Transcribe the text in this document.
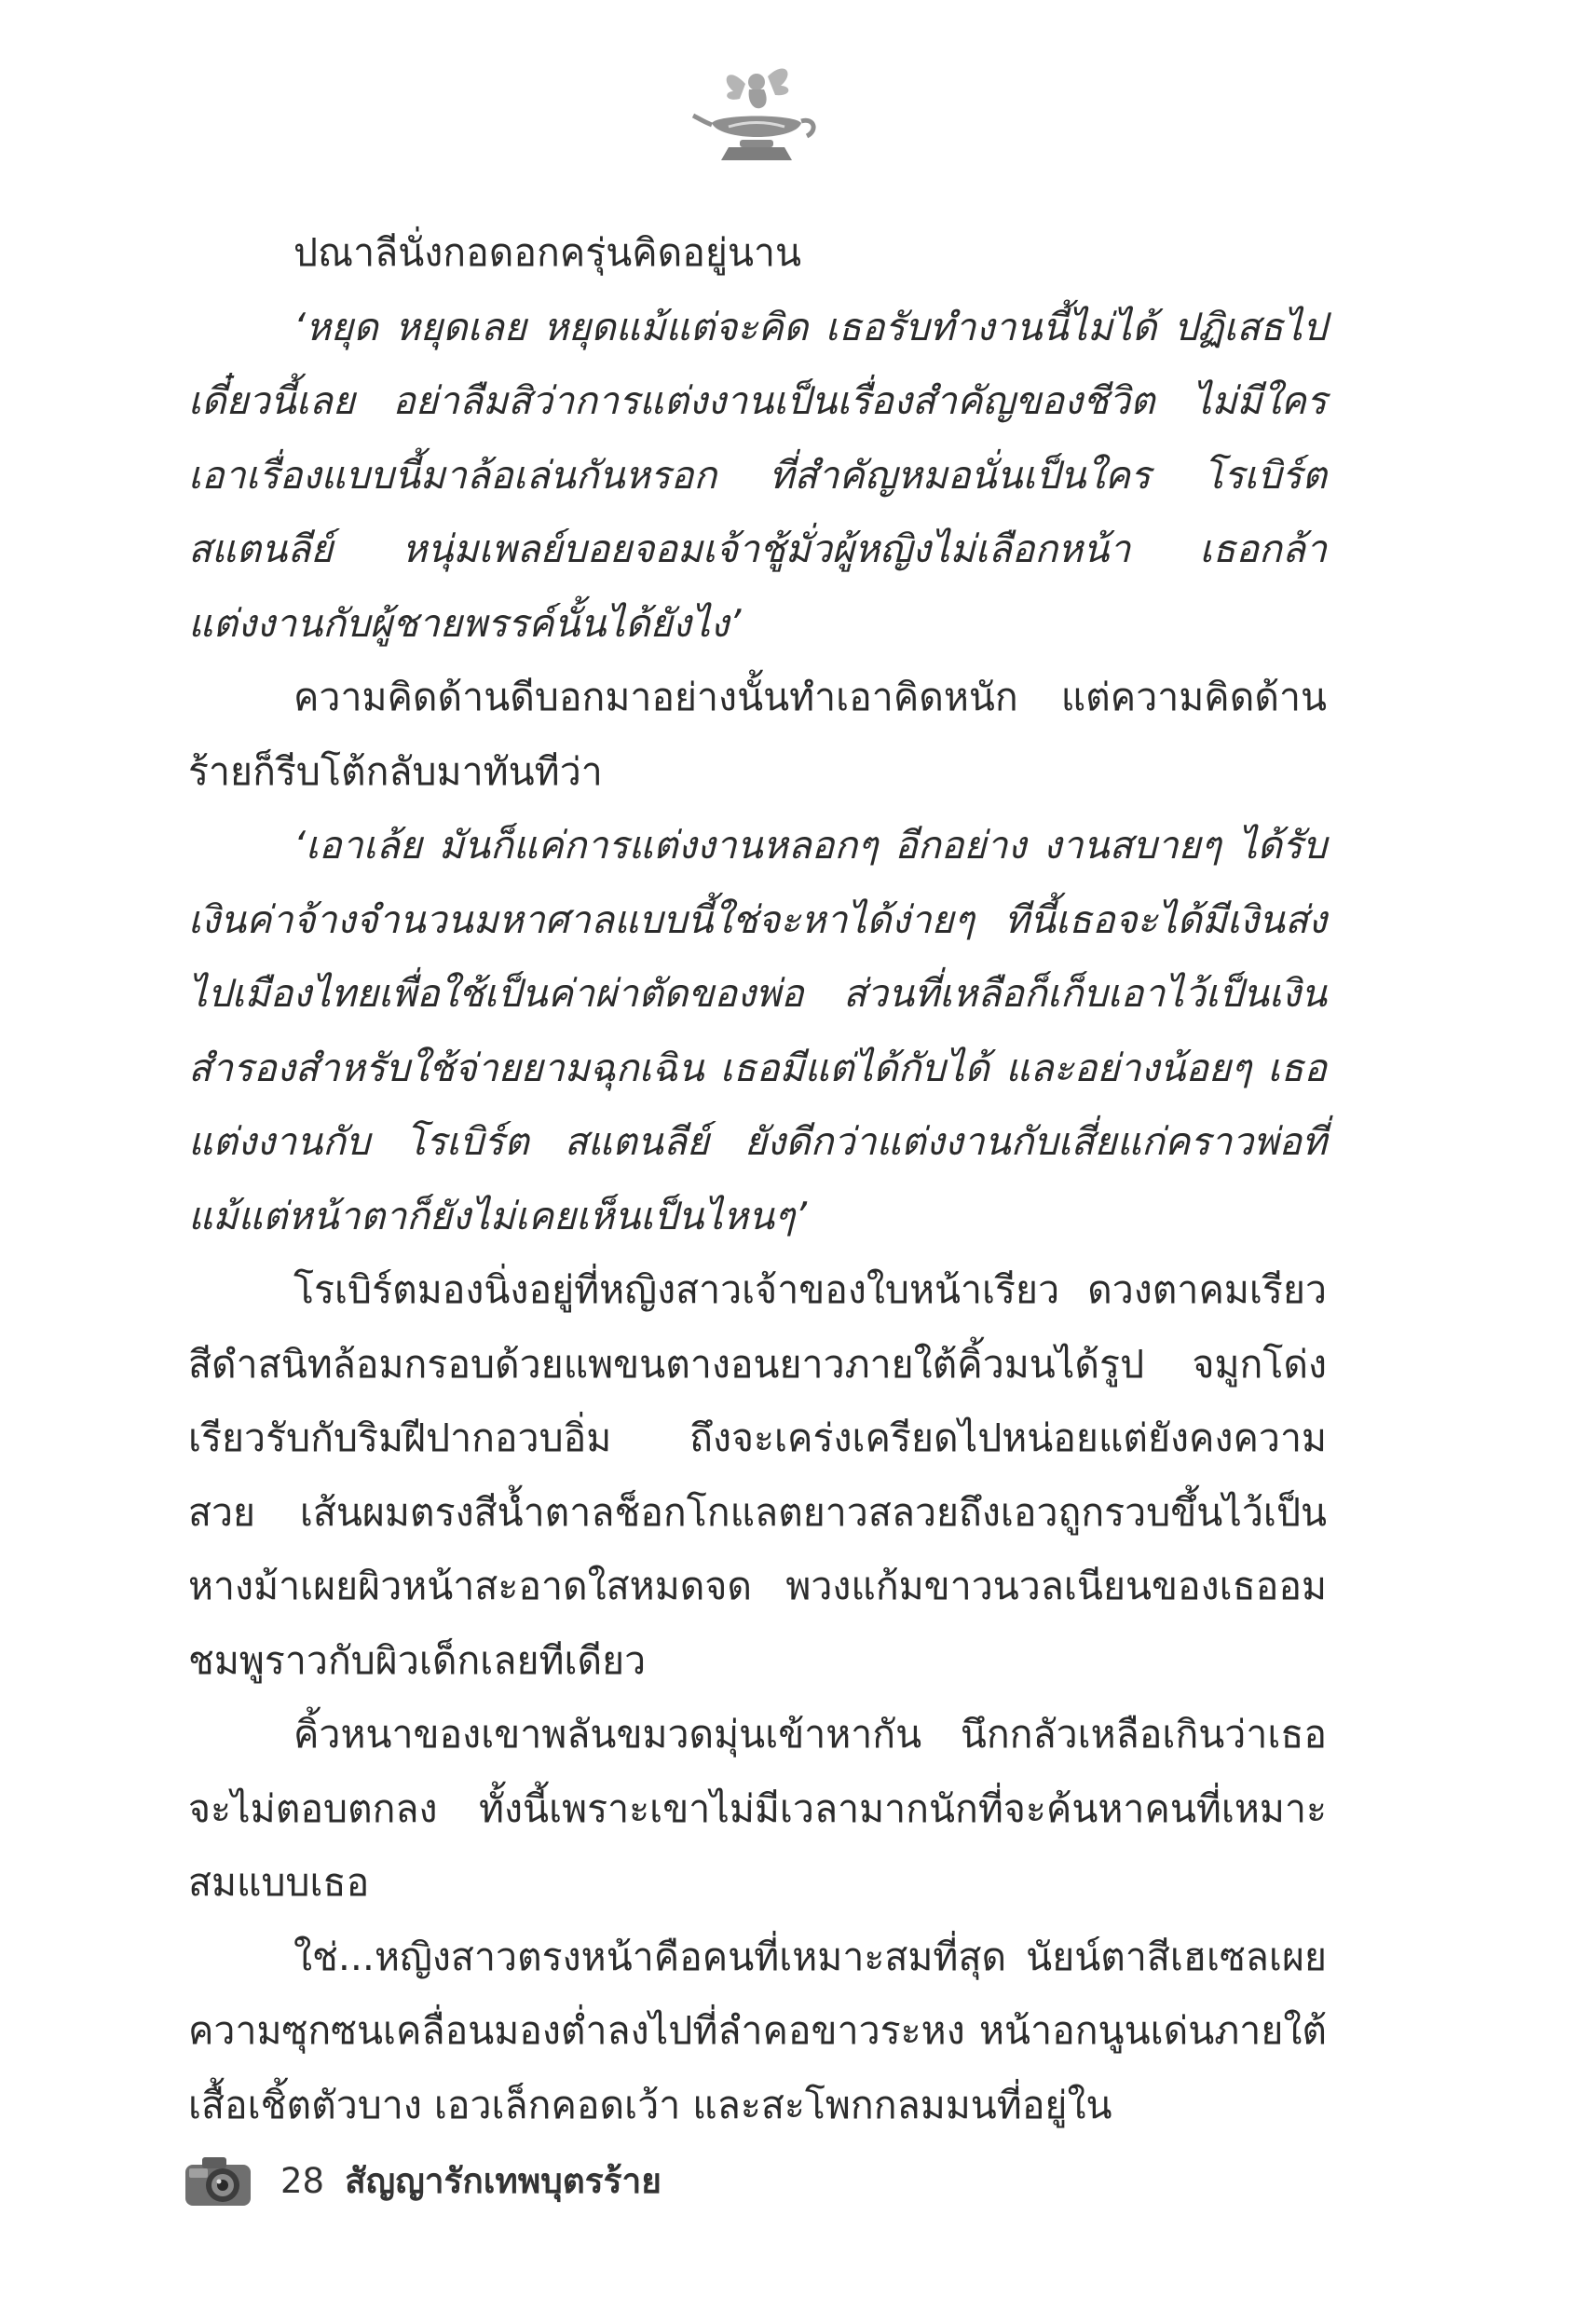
ปณาลีนั่งกอดอกครุ่นคิดอยู่นาน

‘หยุด หยุดเลย หยุดแม้แต่จะคิด เธอรับทำงานนี้ไม่ได้ ปฏิเสธไปเดี๋ยวนี้เลย อย่าลืมสิว่าการแต่งงานเป็นเรื่องสำคัญของชีวิต ไม่มีใครเอาเรื่องแบบนี้มาล้อเล่นกันหรอก ที่สำคัญหมอนั่นเป็นใคร โรเบิร์ต สแตนลีย์ หนุ่มเพลย์บอยจอมเจ้าชู้มั่วผู้หญิงไม่เลือกหน้า เธอกล้าแต่งงานกับผู้ชายพรรค์นั้นได้ยังไง’

ความคิดด้านดีบอกมาอย่างนั้นทำเอาคิดหนัก แต่ความคิดด้านร้ายก็รีบโต้กลับมาทันทีว่า

‘เอาเล้ย มันก็แค่การแต่งงานหลอกๆ อีกอย่าง งานสบายๆ ได้รับเงินค่าจ้างจำนวนมหาศาลแบบนี้ใช่จะหาได้ง่ายๆ ทีนี้เธอจะได้มีเงินส่งไปเมืองไทยเพื่อใช้เป็นค่าผ่าตัดของพ่อ ส่วนที่เหลือก็เก็บเอาไว้เป็นเงินสำรองสำหรับใช้จ่ายยามฉุกเฉิน เธอมีแต่ได้กับได้ และอย่างน้อยๆ เธอแต่งงานกับ โรเบิร์ต สแตนลีย์ ยังดีกว่าแต่งงานกับเสี่ยแก่คราวพ่อที่แม้แต่หน้าตาก็ยังไม่เคยเห็นเป็นไหนๆ’

โรเบิร์ตมองนิ่งอยู่ที่หญิงสาวเจ้าของใบหน้าเรียว ดวงตาคมเรียวสีดำสนิทล้อมกรอบด้วยแพขนตางอนยาวภายใต้คิ้วมนได้รูป จมูกโด่งเรียวรับกับริมฝีปากอวบอิ่ม ถึงจะเคร่งเครียดไปหน่อยแต่ยังคงความสวย เส้นผมตรงสีน้ำตาลช็อกโกแลตยาวสลวยถึงเอวถูกรวบขึ้นไว้เป็นหางม้าเผยผิวหน้าสะอาดใสหมดจด พวงแก้มขาวนวลเนียนของเธออมชมพูราวกับผิวเด็กเลยทีเดียว

คิ้วหนาของเขาพลันขมวดมุ่นเข้าหากัน นึกกลัวเหลือเกินว่าเธอจะไม่ตอบตกลง ทั้งนี้เพราะเขาไม่มีเวลามากนักที่จะค้นหาคนที่เหมาะสมแบบเธอ

ใช่...หญิงสาวตรงหน้าคือคนที่เหมาะสมที่สุด นัยน์ตาสีเฮเซลเผยความซุกซนเคลื่อนมองต่ำลงไปที่ลำคอขาวระหง หน้าอกนูนเด่นภายใต้เสื้อเชิ้ตตัวบาง เอวเล็กคอดเว้า และสะโพกกลมมนที่อยู่ใน

28 สัญญารักเทพบุตรร้าย
